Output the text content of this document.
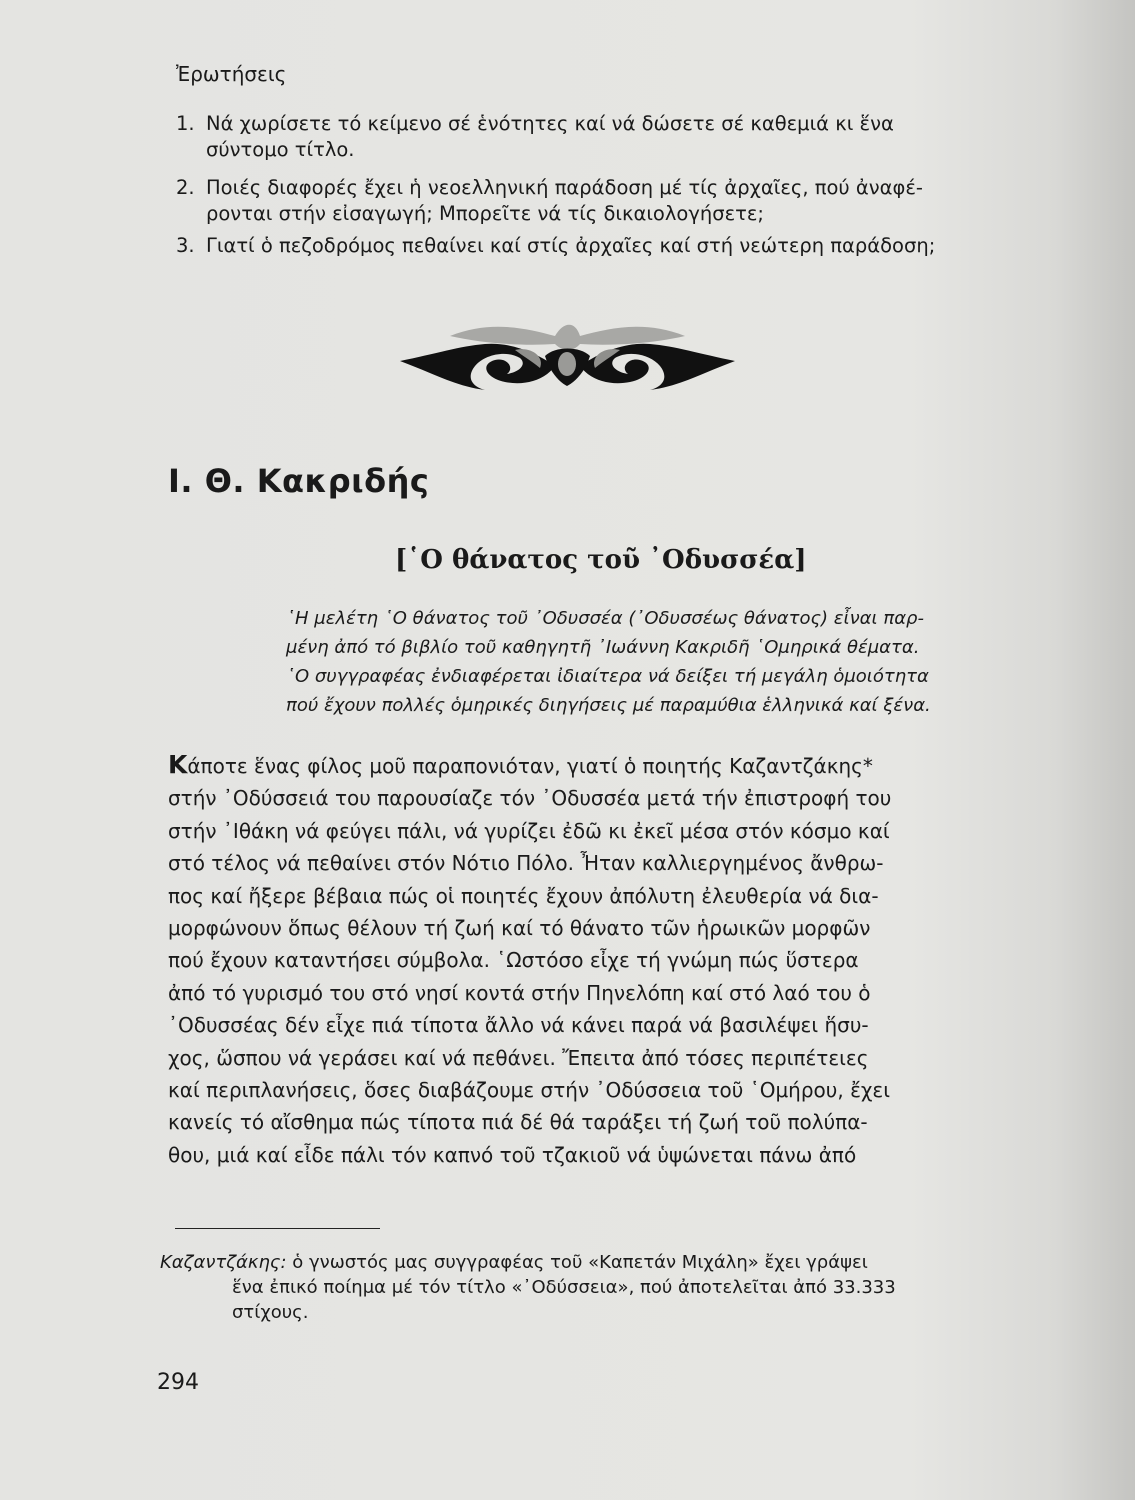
Ἐρωτήσεις
1. Νά χωρίσετε τό κείμενο σέ ἑνότητες καί νά δώσετε σέ καθεμιά κι ἕνα
σύντομο τίτλο.
2. Ποιές διαφορές ἔχει ἡ νεοελληνική παράδοση μέ τίς ἀρχαῖες, πού ἀναφέ-
ρονται στήν εἰσαγωγή; Μπορεῖτε νά τίς δικαιολογήσετε;
3. Γιατί ὁ πεζοδρόμος πεθαίνει καί στίς ἀρχαῖες καί στή νεώτερη παράδοση;
Ι. Θ. Κακριδής
[῾Ο θάνατος τοῦ ᾿Οδυσσέα]

῾Η μελέτη ῾Ο θάνατος τοῦ ᾿Οδυσσέα (᾿Οδυσσέως θάνατος) εἶναι παρ-

μένη ἀπό τό βιβλίο τοῦ καθηγητῆ ᾿Ιωάννη Κακριδῆ ῾Ομηρικά θέματα.

῾Ο συγγραφέας ἐνδιαφέρεται ἰδιαίτερα νά δείξει τή μεγάλη ὁμοιότητα

πού ἔχουν πολλές ὁμηρικές διηγήσεις μέ παραμύθια ἑλληνικά καί ξένα.

Κάποτε ἕνας φίλος μοῦ παραπονιόταν, γιατί ὁ ποιητής Καζαντζάκης*

στήν ᾿Οδύσσειά του παρουσίαζε τόν ᾿Οδυσσέα μετά τήν ἐπιστροφή του

στήν ᾿Ιθάκη νά φεύγει πάλι, νά γυρίζει ἐδῶ κι ἐκεῖ μέσα στόν κόσμο καί

στό τέλος νά πεθαίνει στόν Νότιο Πόλο. Ἦταν καλλιεργημένος ἄνθρω-

πος καί ἤξερε βέβαια πώς οἱ ποιητές ἔχουν ἀπόλυτη ἐλευθερία νά δια-

μορφώνουν ὅπως θέλουν τή ζωή καί τό θάνατο τῶν ἡρωικῶν μορφῶν

πού ἔχουν καταντήσει σύμβολα. ῾Ωστόσο εἶχε τή γνώμη πώς ὕστερα

ἀπό τό γυρισμό του στό νησί κοντά στήν Πηνελόπη καί στό λαό του ὁ

᾿Οδυσσέας δέν εἶχε πιά τίποτα ἄλλο νά κάνει παρά νά βασιλέψει ἥσυ-

χος, ὥσπου νά γεράσει καί νά πεθάνει. Ἔπειτα ἀπό τόσες περιπέτειες

καί περιπλανήσεις, ὅσες διαβάζουμε στήν ᾿Οδύσσεια τοῦ ῾Ομήρου, ἔχει

κανείς τό αἴσθημα πώς τίποτα πιά δέ θά ταράξει τή ζωή τοῦ πολύπα-

θου, μιά καί εἶδε πάλι τόν καπνό τοῦ τζακιοῦ νά ὑψώνεται πάνω ἀπό

Καζαντζάκης: ὁ γνωστός μας συγγραφέας τοῦ «Καπετάν Μιχάλη» ἔχει γράψει

ἕνα ἐπικό ποίημα μέ τόν τίτλο «᾿Οδύσσεια», πού ἀποτελεῖται ἀπό 33.333

στίχους.

294
